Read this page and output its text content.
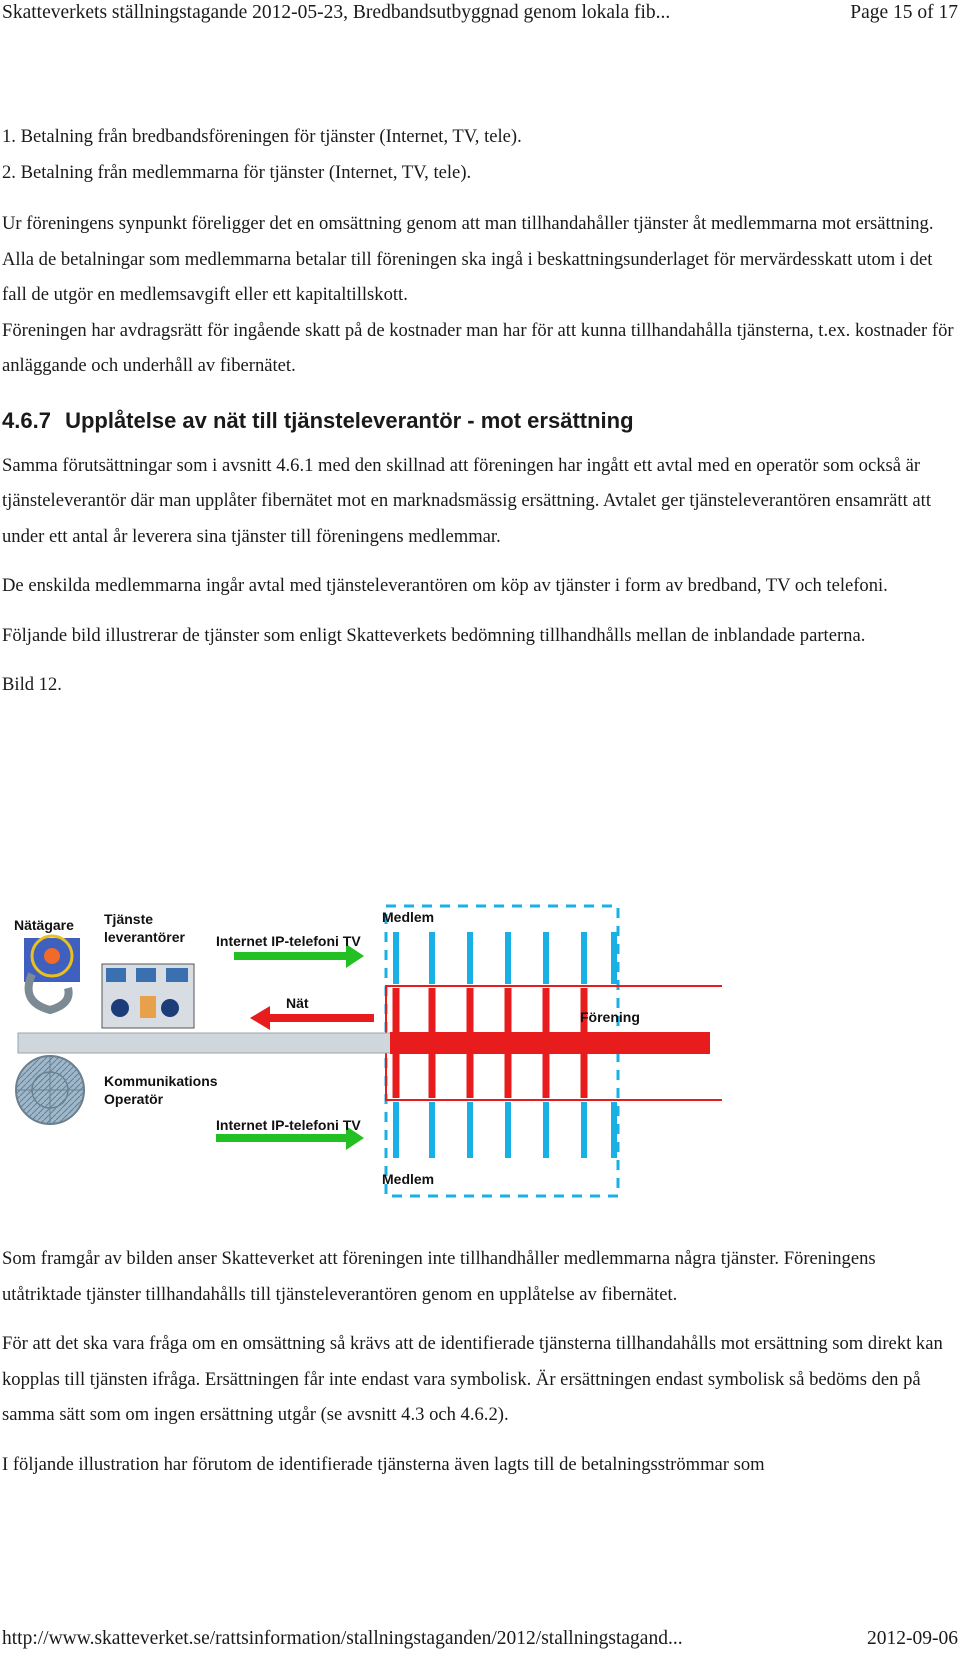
Skatteverkets ställningstagande 2012-05-23, Bredbandsutbyggnad genom lokala fib...	Page 15 of 17

1. Betalning från bredbandsföreningen för tjänster (Internet, TV, tele).

2. Betalning från medlemmarna för tjänster (Internet, TV, tele).

Ur föreningens synpunkt föreligger det en omsättning genom att man tillhandahåller tjänster åt medlemmarna mot ersättning. Alla de betalningar som medlemmarna betalar till föreningen ska ingå i beskattningsunderlaget för mervärdesskatt utom i det fall de utgör en medlemsavgift eller ett kapitaltillskott.

Föreningen har avdragsrätt för ingående skatt på de kostnader man har för att kunna tillhandahålla tjänsterna, t.ex. kostnader för anläggande och underhåll av fibernätet.

4.6.7 Upplåtelse av nät till tjänsteleverantör - mot ersättning

Samma förutsättningar som i avsnitt 4.6.1 med den skillnad att föreningen har ingått ett avtal med en operatör som också är tjänsteleverantör där man upplåter fibernätet mot en marknadsmässig ersättning. Avtalet ger tjänsteleverantören ensamrätt att under ett antal år leverera sina tjänster till föreningens medlemmar.

De enskilda medlemmarna ingår avtal med tjänsteleverantören om köp av tjänster i form av bredband, TV och telefoni.

Följande bild illustrerar de tjänster som enligt Skatteverkets bedömning tillhandhålls mellan de inblandade parterna.

Bild 12.

Nätägare Tjänste
leverantörer Internet IP-telefoni TV
Medlem
Nät
Förening
Kommunikations
Operatör
Internet IP-telefoni TV
Medlem

Som framgår av bilden anser Skatteverket att föreningen inte tillhandhåller medlemmarna några tjänster. Föreningens utåtriktade tjänster tillhandahålls till tjänsteleverantören genom en upplåtelse av fibernätet.

För att det ska vara fråga om en omsättning så krävs att de identifierade tjänsterna tillhandahålls mot ersättning som direkt kan kopplas till tjänsten ifråga. Ersättningen får inte endast vara symbolisk. Är ersättningen endast symbolisk så bedöms den på samma sätt som om ingen ersättning utgår (se avsnitt 4.3 och 4.6.2).

I följande illustration har förutom de identifierade tjänsterna även lagts till de betalningsströmmar som

http://www.skatteverket.se/rattsinformation/stallningstaganden/2012/stallningstagand...	2012-09-06
